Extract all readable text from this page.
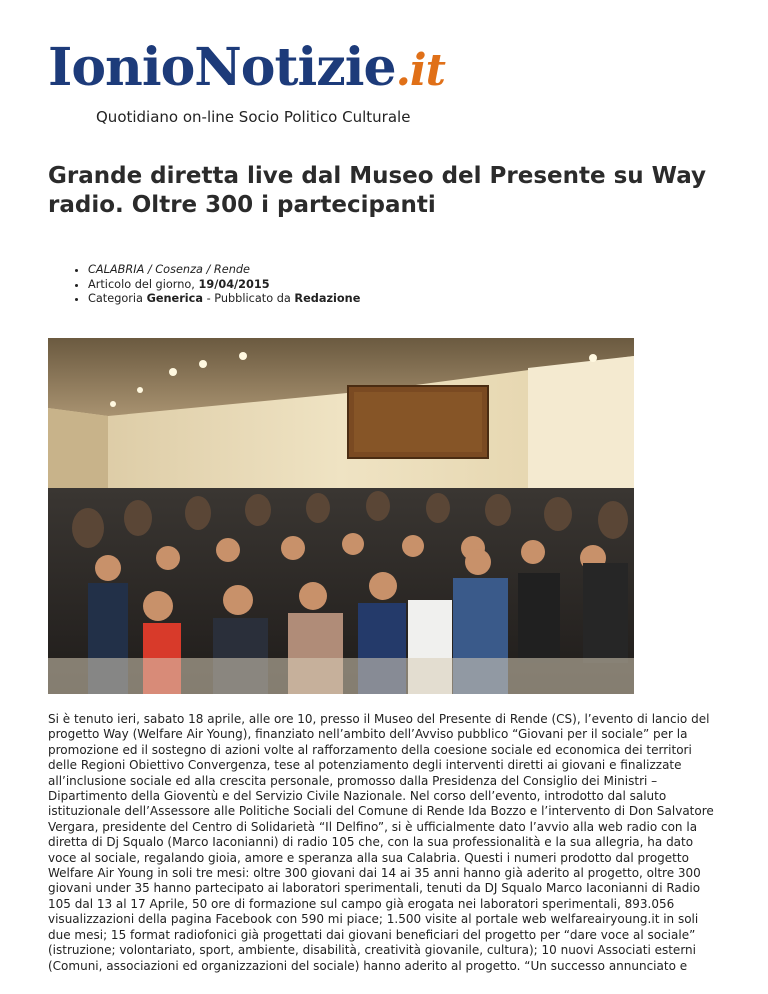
IonioNotizie.it
Quotidiano on-line Socio Politico Culturale
Grande diretta live dal Museo del Presente su Way radio. Oltre 300 i partecipanti
• CALABRIA / Cosenza / Rende
• Articolo del giorno, 19/04/2015
• Categoria Generica - Pubblicato da Redazione

Si è tenuto ieri, sabato 18 aprile, alle ore 10, presso il Museo del Presente di Rende (CS), l’evento di lancio del progetto Way (Welfare Air Young), finanziato nell’ambito dell’Avviso pubblico “Giovani per il sociale” per la promozione ed il sostegno di azioni volte al rafforzamento della coesione sociale ed economica dei territori delle Regioni Obiettivo Convergenza, tese al potenziamento degli interventi diretti ai giovani e finalizzate all’inclusione sociale ed alla crescita personale, promosso dalla Presidenza del Consiglio dei Ministri – Dipartimento della Gioventù e del Servizio Civile Nazionale. Nel corso dell’evento, introdotto dal saluto istituzionale dell’Assessore alle Politiche Sociali del Comune di Rende Ida Bozzo e l’intervento di Don Salvatore Vergara, presidente del Centro di Solidarietà “Il Delfino”, si è ufficialmente dato l’avvio alla web radio con la diretta di Dj Squalo (Marco Iaconianni) di radio 105 che, con la sua professionalità e la sua allegria, ha dato voce al sociale, regalando gioia, amore e speranza alla sua Calabria. Questi i numeri prodotto dal progetto Welfare Air Young in soli tre mesi: oltre 300 giovani dai 14 ai 35 anni hanno già aderito al progetto, oltre 300 giovani under 35 hanno partecipato ai laboratori sperimentali, tenuti da DJ Squalo Marco Iaconianni di Radio 105 dal 13 al 17 Aprile, 50 ore di formazione sul campo già erogata nei laboratori sperimentali, 893.056 visualizzazioni della pagina Facebook con 590 mi piace; 1.500 visite al portale web welfareairyoung.it in soli due mesi; 15 format radiofonici già progettati dai giovani beneficiari del progetto per “dare voce al sociale” (istruzione; volontariato, sport, ambiente, disabilità, creatività giovanile, cultura); 10 nuovi Associati esterni (Comuni, associazioni ed organizzazioni del sociale) hanno aderito al progetto. “Un successo annunciato e
